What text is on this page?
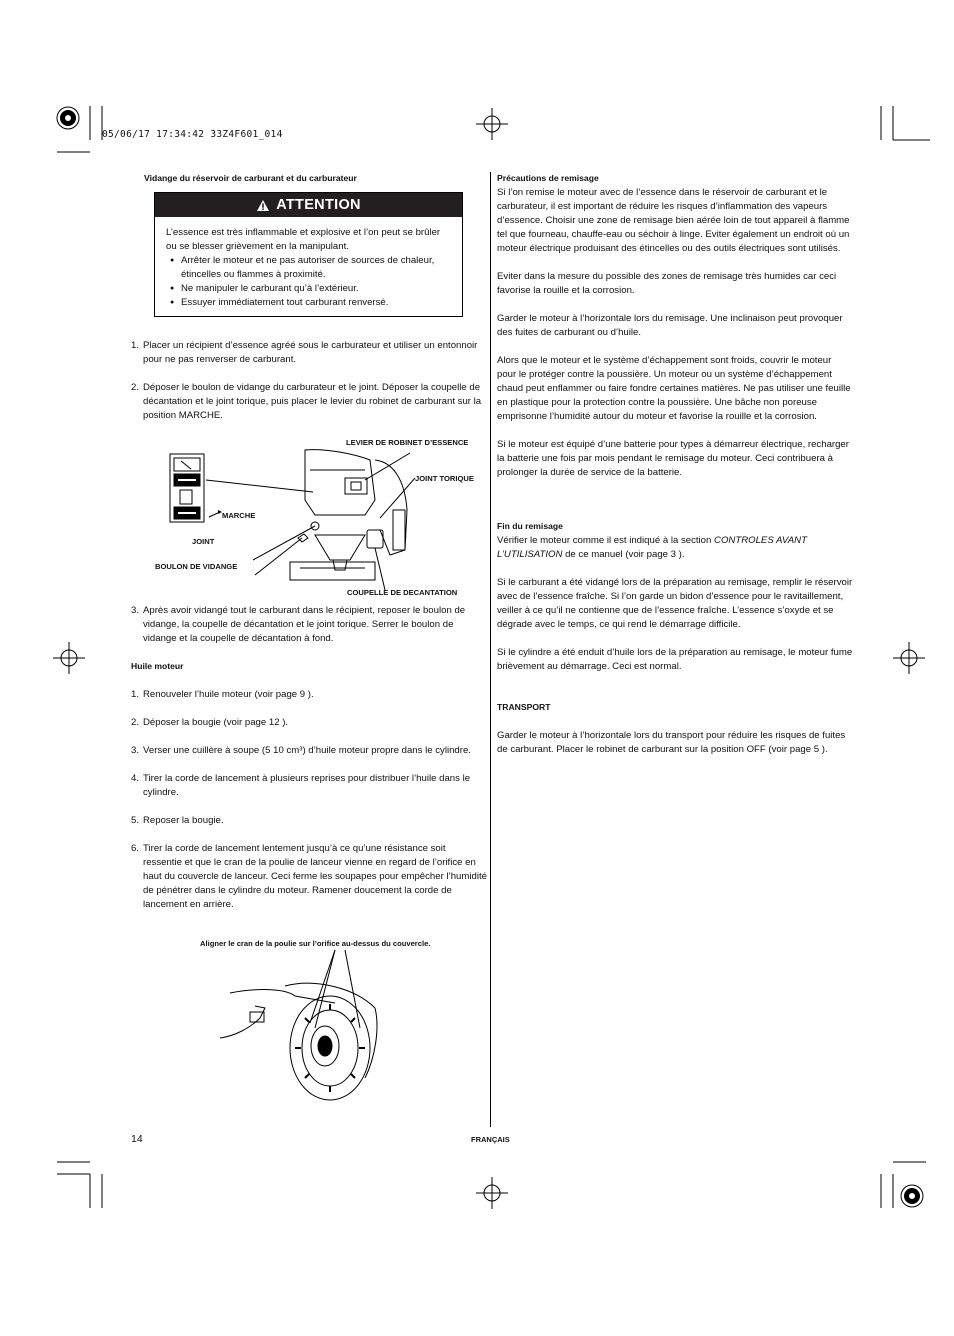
05/06/17 17:34:42 33Z4F601_014
Vidange du réservoir de carburant et du carburateur
ATTENTION

L’essence est très inflammable et explosive et l’on peut se brûler ou se blesser grièvement en la manipulant.

● Arrêter le moteur et ne pas autoriser de sources de chaleur, étincelles ou flammes à proximité.

● Ne manipuler le carburant qu’à l’extérieur.

● Essuyer immédiatement tout carburant renversé.

1. Placer un récipient d’essence agréé sous le carburateur et utiliser un entonnoir pour ne pas renverser de carburant.
2. Déposer le boulon de vidange du carburateur et le joint. Déposer la coupelle de décantation et le joint torique, puis placer le levier du robinet de carburant sur la position MARCHE.
LEVIER DE ROBINET D’ESSENCE
JOINT TORIQUE
MARCHE
JOINT
BOULON DE VIDANGE
COUPELLE DE DECANTATION
3. Après avoir vidangé tout le carburant dans le récipient, reposer le boulon de vidange, la coupelle de décantation et le joint torique. Serrer le boulon de vidange et la coupelle de décantation à fond.
Huile moteur
1. Renouveler l’huile moteur (voir page 9 ).
2. Déposer la bougie (voir page 12 ).
3. Verser une cuillère à soupe (5 10 cm³) d’huile moteur propre dans le cylindre.
4. Tirer la corde de lancement à plusieurs reprises pour distribuer l’huile dans le cylindre.
5. Reposer la bougie.
6. Tirer la corde de lancement lentement jusqu’à ce qu’une résistance soit ressentie et que le cran de la poulie de lanceur vienne en regard de l’orifice en haut du couvercle de lanceur. Ceci ferme les soupapes pour empêcher l’humidité de pénétrer dans le cylindre du moteur. Ramener doucement la corde de lancement en arrière.
Aligner le cran de la poulie sur l’orifice au-dessus du couvercle.
Précautions de remisage

Si l’on remise le moteur avec de l’essence dans le réservoir de carburant et le carburateur, il est important de réduire les risques d’inflammation des vapeurs d’essence. Choisir une zone de remisage bien aérée loin de tout appareil à flamme tel que fourneau, chauffe-eau ou séchoir à linge. Eviter également un endroit où un moteur électrique produisant des étincelles ou des outils électriques sont utilisés.

Eviter dans la mesure du possible des zones de remisage très humides car ceci favorise la rouille et la corrosion.

Garder le moteur à l’horizontale lors du remisage. Une inclinaison peut provoquer des fuites de carburant ou d’huile.

Alors que le moteur et le système d’échappement sont froids, couvrir le moteur pour le protéger contre la poussière. Un moteur ou un système d’échappement chaud peut enflammer ou faire fondre certaines matières. Ne pas utiliser une feuille en plastique pour la protection contre la poussière. Une bâche non poreuse emprisonne l’humidité autour du moteur et favorise la rouille et la corrosion.

Si le moteur est équipé d’une batterie pour types à démarreur électrique, recharger la batterie une fois par mois pendant le remisage du moteur. Ceci contribuera à prolonger la durée de service de la batterie.

Fin du remisage

Vérifier le moteur comme il est indiqué à la section CONTROLES AVANT L’UTILISATION de ce manuel (voir page 3 ).

Si le carburant a été vidangé lors de la préparation au remisage, remplir le réservoir avec de l’essence fraîche. Si l’on garde un bidon d’essence pour le ravitaillement, veiller à ce qu’il ne contienne que de l’essence fraîche. L’essence s’oxyde et se dégrade avec le temps, ce qui rend le démarrage difficile.

Si le cylindre a été enduit d’huile lors de la préparation au remisage, le moteur fume brièvement au démarrage. Ceci est normal.

TRANSPORT

Garder le moteur à l’horizontale lors du transport pour réduire les risques de fuites de carburant. Placer le robinet de carburant sur la position OFF (voir page 5 ).

14	FRANÇAIS
